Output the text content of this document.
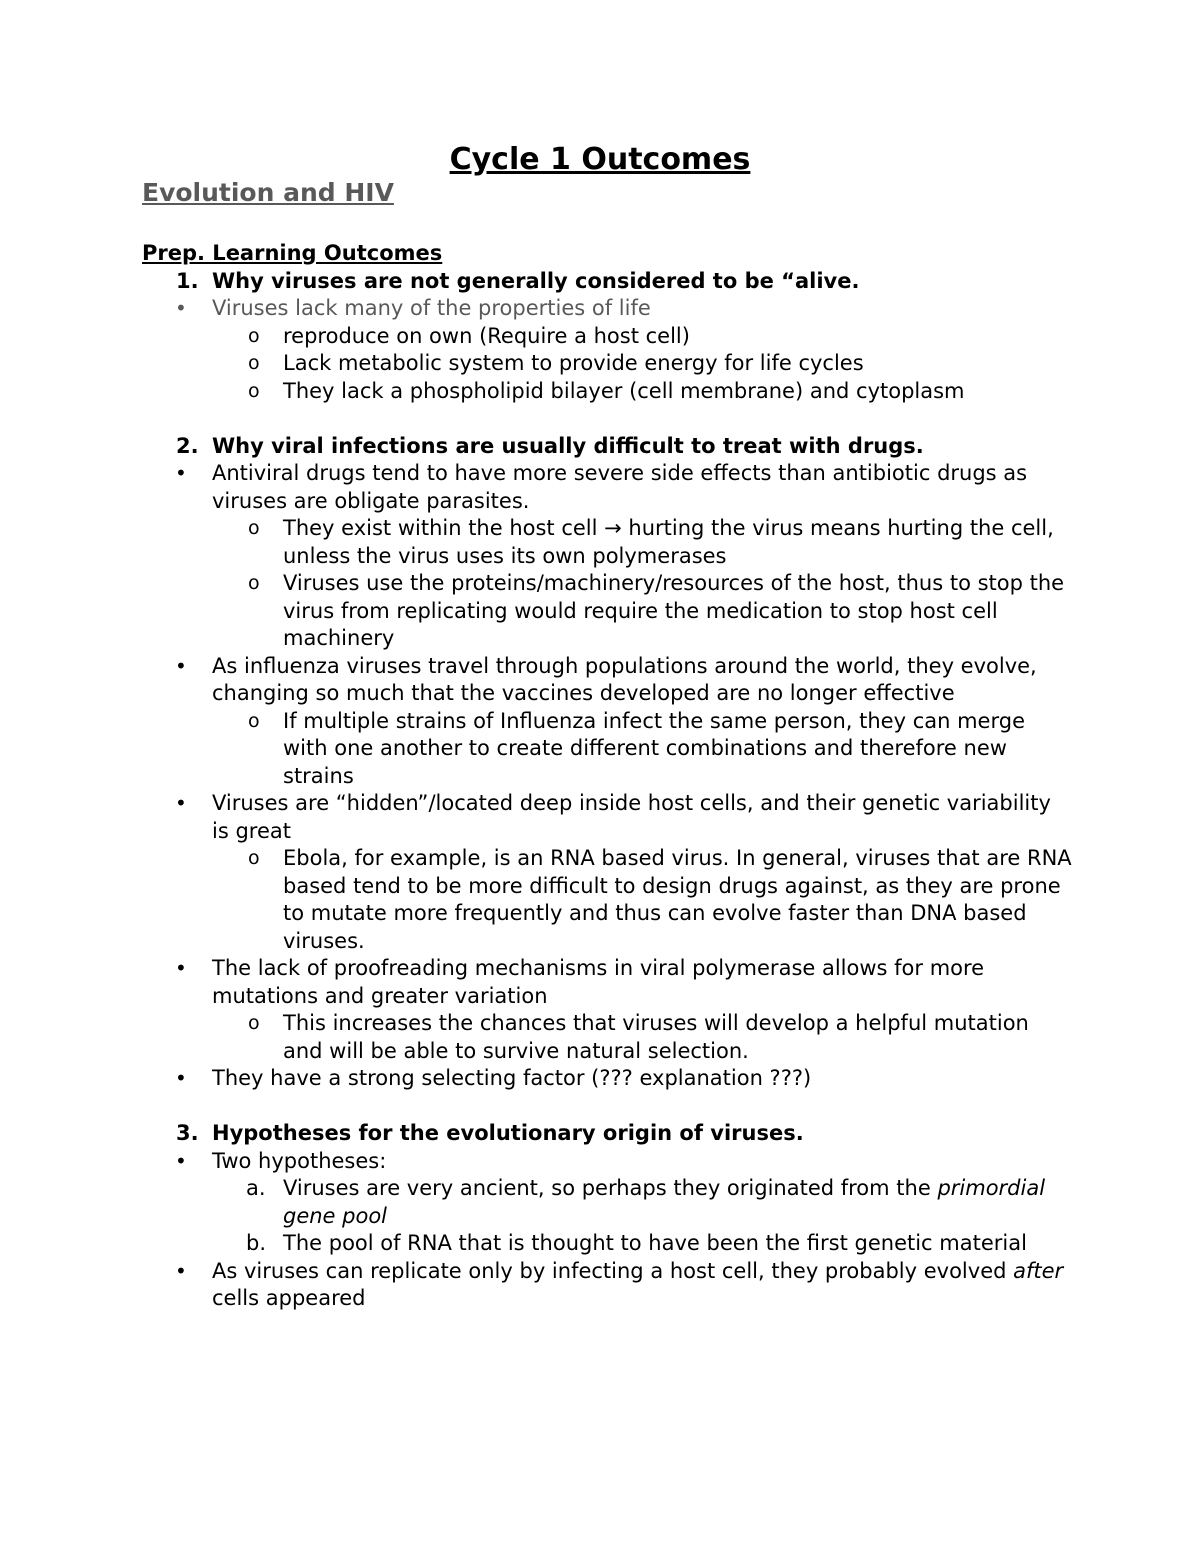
Cycle 1 Outcomes
Evolution and HIV

Prep. Learning Outcomes

1. Why viruses are not generally considered to be “alive.

• Viruses lack many of the properties of life

o reproduce on own (Require a host cell)

o Lack metabolic system to provide energy for life cycles

o They lack a phospholipid bilayer (cell membrane) and cytoplasm

2. Why viral infections are usually difficult to treat with drugs.

• Antiviral drugs tend to have more severe side effects than antibiotic drugs as viruses are obligate parasites.

o They exist within the host cell → hurting the virus means hurting the cell, unless the virus uses its own polymerases

o Viruses use the proteins/machinery/resources of the host, thus to stop the virus from replicating would require the medication to stop host cell machinery

• As influenza viruses travel through populations around the world, they evolve, changing so much that the vaccines developed are no longer effective

o If multiple strains of Influenza infect the same person, they can merge with one another to create different combinations and therefore new strains

• Viruses are “hidden”/located deep inside host cells, and their genetic variability is great

o Ebola, for example, is an RNA based virus. In general, viruses that are RNA based tend to be more difficult to design drugs against, as they are prone to mutate more frequently and thus can evolve faster than DNA based viruses.

• The lack of proofreading mechanisms in viral polymerase allows for more mutations and greater variation

o This increases the chances that viruses will develop a helpful mutation and will be able to survive natural selection.

• They have a strong selecting factor (??? explanation ???)

3. Hypotheses for the evolutionary origin of viruses.

• Two hypotheses:

a. Viruses are very ancient, so perhaps they originated from the primordial gene pool

b. The pool of RNA that is thought to have been the first genetic material

• As viruses can replicate only by infecting a host cell, they probably evolved after cells appeared
